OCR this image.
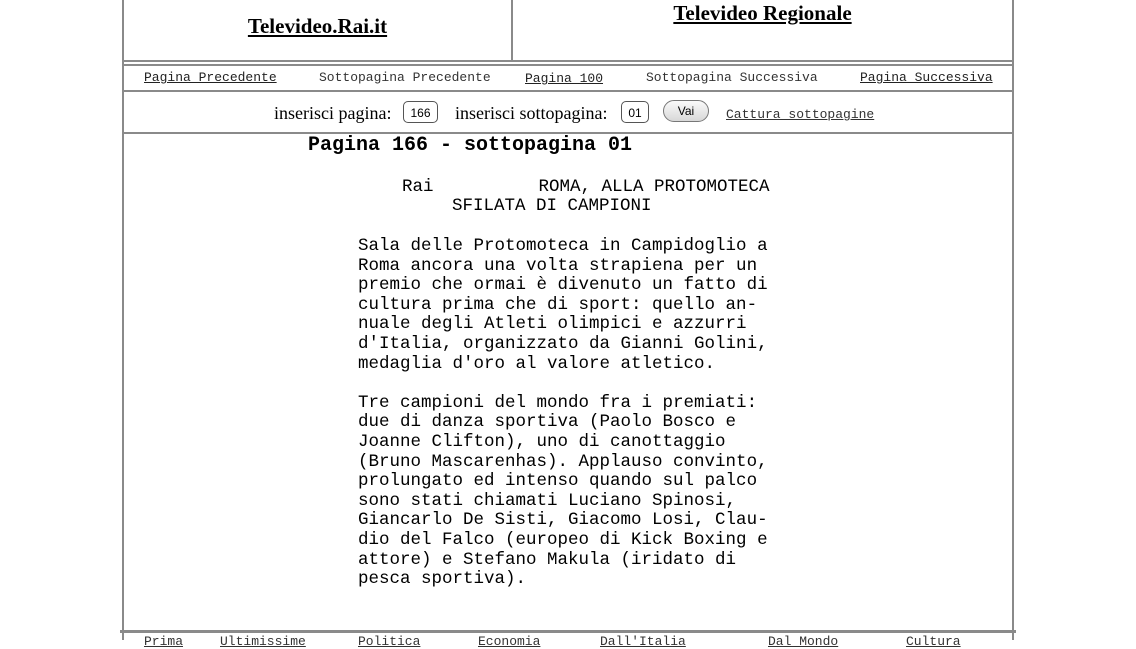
Televideo.Rai.it
Televideo Regionale
Pagina Precedente	Sottopagina Precedente	Pagina 100	Sottopagina Successiva	Pagina Successiva
inserisci pagina:	166	inserisci sottopagina:	01	Vai	Cattura sottopagine
Pagina 166 - sottopagina 01
Rai          ROMA, ALLA PROTOMOTECA
SFILATA DI CAMPIONI
Sala delle Protomoteca in Campidoglio a
Roma ancora una volta strapiena per un
premio che ormai è divenuto un fatto di
cultura prima che di sport: quello an-
nuale degli Atleti olimpici e azzurri
d'Italia, organizzato da Gianni Golini,
medaglia d'oro al valore atletico.
Tre campioni del mondo fra i premiati:
due di danza sportiva (Paolo Bosco e
Joanne Clifton), uno di canottaggio
(Bruno Mascarenhas). Applauso convinto,
prolungato ed intenso quando sul palco
sono stati chiamati Luciano Spinosi,
Giancarlo De Sisti, Giacomo Losi, Clau-
dio del Falco (europeo di Kick Boxing e
attore) e Stefano Makula (iridato di
pesca sportiva).
Prima	Ultimissime	Politica	Economia	Dall'Italia	Dal Mondo	Cultura
